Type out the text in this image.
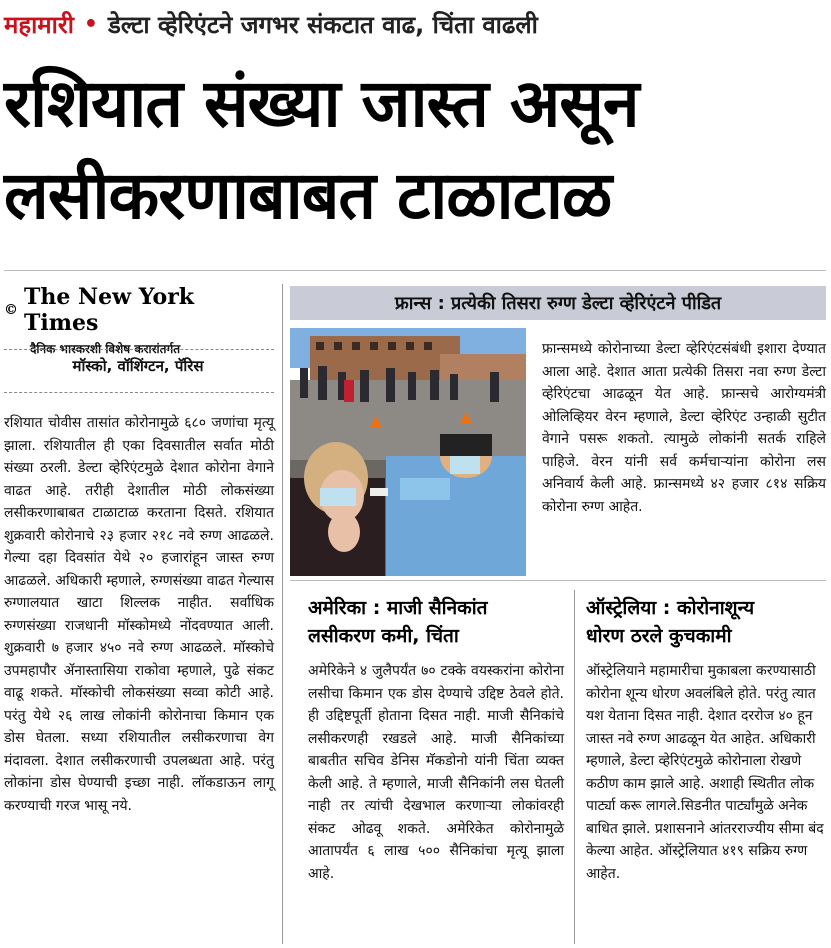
महामारी • डेल्टा व्हेरिएंटने जगभर संकटात वाढ, चिंता वाढली
रशियात संख्या जास्त असून
लसीकरणाबाबत टाळाटाळ
© The New York Times
दैनिक भास्करशी विशेष करारांतर्गत
मॉस्को, वॉशिंग्टन, पॅरिस
रशियात चोवीस तासांत कोरोनामुळे ६८० जणांचा मृत्यू झाला. रशियातील ही एका दिवसातील सर्वात मोठी संख्या ठरली. डेल्टा व्हेरिएंटमुळे देशात कोरोना वेगाने वाढत आहे. तरीही देशातील मोठी लोकसंख्या लसीकरणाबाबत टाळाटाळ करताना दिसते. रशियात शुक्रवारी कोरोनाचे २३ हजार २१८ नवे रुग्ण आढळले. गेल्या दहा दिवसांत येथे २० हजारांहून जास्त रुग्ण आढळले. अधिकारी म्हणाले, रुग्णसंख्या वाढत गेल्यास रुग्णालयात खाटा शिल्लक नाहीत. सर्वाधिक रुग्णसंख्या राजधानी मॉस्कोमध्ये नोंदवण्यात आली. शुक्रवारी ७ हजार ४५० नवे रुग्ण आढळले. मॉस्कोचे उपमहापौर ॲनास्तासिया राकोवा म्हणाले, पुढे संकट वाढू शकते. मॉस्कोची लोकसंख्या सव्वा कोटी आहे. परंतु येथे २६ लाख लोकांनी कोरोनाचा किमान एक डोस घेतला. सध्या रशियातील लसीकरणाचा वेग मंदावला. देशात लसीकरणाची उपलब्धता आहे. परंतु लोकांना डोस घेण्याची इच्छा नाही. लॉकडाऊन लागू करण्याची गरज भासू नये.
फ्रान्स : प्रत्येकी तिसरा रुग्ण डेल्टा व्हेरिएंटने पीडित
फ्रान्समध्ये कोरोनाच्या डेल्टा व्हेरिएंटसंबंधी इशारा देण्यात आला आहे. देशात आता प्रत्येकी तिसरा नवा रुग्ण डेल्टा व्हेरिएंटचा आढळून येत आहे. फ्रान्सचे आरोग्यमंत्री ओलिव्हियर वेरन म्हणाले, डेल्टा व्हेरिएंट उन्हाळी सुटीत वेगाने पसरू शकतो. त्यामुळे लोकांनी सतर्क राहिले पाहिजे. वेरन यांनी सर्व कर्मचाऱ्यांना कोरोना लस अनिवार्य केली आहे. फ्रान्समध्ये ४२ हजार ८१४ सक्रिय कोरोना रुग्ण आहेत.
अमेरिका : माजी सैनिकांत
लसीकरण कमी, चिंता
ऑस्ट्रेलिया : कोरोनाशून्य
धोरण ठरले कुचकामी
अमेरिकेने ४ जुलैपर्यंत ७० टक्के वयस्करांना कोरोना लसीचा किमान एक डोस देण्याचे उद्दिष्ट ठेवले होते. ही उद्दिष्टपूर्ती होताना दिसत नाही. माजी सैनिकांचे लसीकरणही रखडले आहे. माजी सैनिकांच्या बाबतीत सचिव डेनिस मॅकडोनो यांनी चिंता व्यक्त केली आहे. ते म्हणाले, माजी सैनिकांनी लस घेतली नाही तर त्यांची देखभाल करणाऱ्या लोकांवरही संकट ओढवू शकते. अमेरिकेत कोरोनामुळे आतापर्यंत ६ लाख ५०० सैनिकांचा मृत्यू झाला आहे.
ऑस्ट्रेलियाने महामारीचा मुकाबला करण्यासाठी कोरोना शून्य धोरण अवलंबिले होते. परंतु त्यात यश येताना दिसत नाही. देशात दररोज ४० हून जास्त नवे रुग्ण आढळून येत आहेत. अधिकारी म्हणाले, डेल्टा व्हेरिएंटमुळे कोरोनाला रोखणे कठीण काम झाले आहे. अशाही स्थितीत लोक पार्ट्या करू लागले.सिडनीत पार्ट्यांमुळे अनेक बाधित झाले. प्रशासनाने आंतरराज्यीय सीमा बंद केल्या आहेत. ऑस्ट्रेलियात ४१९ सक्रिय रुग्ण आहेत.
